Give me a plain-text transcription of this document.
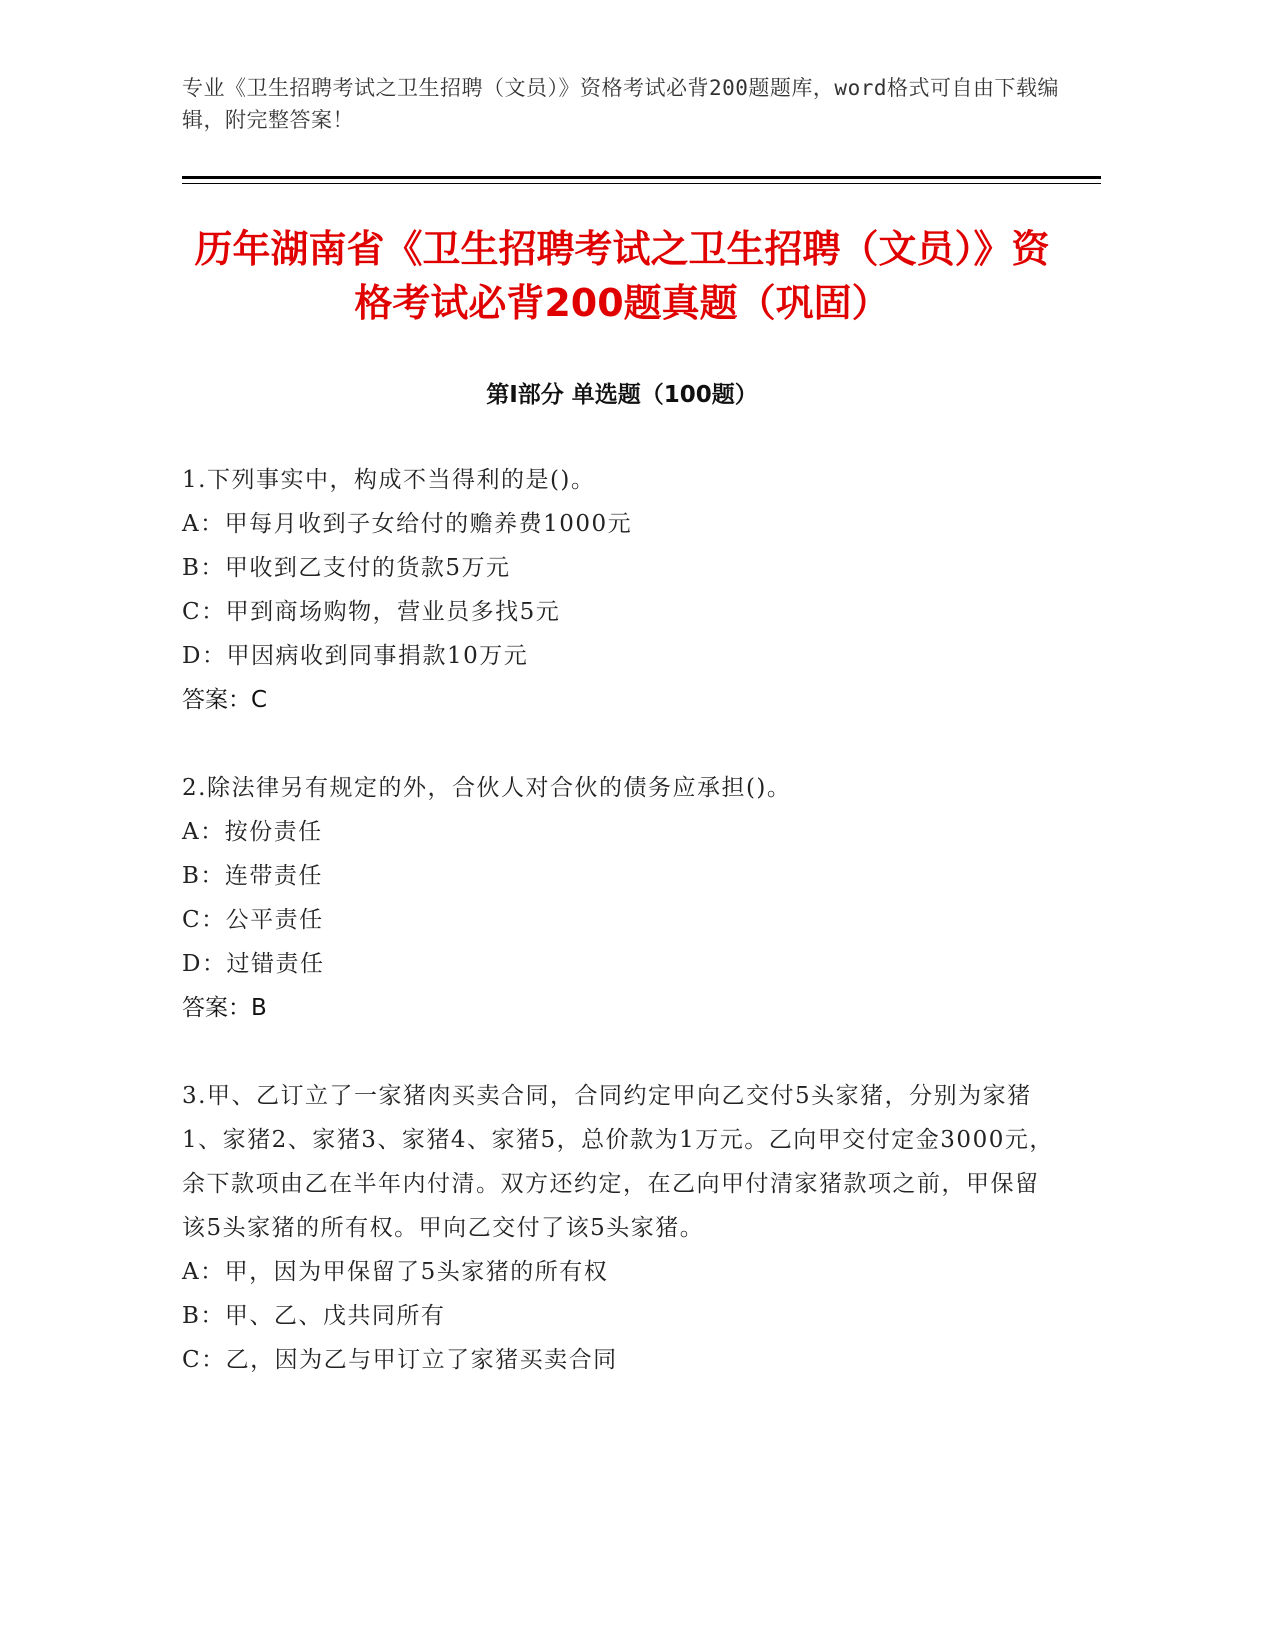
专业《卫生招聘考试之卫生招聘（文员）》资格考试必背200题题库，word格式可自由下载编辑，附完整答案！
历年湖南省《卫生招聘考试之卫生招聘（文员）》资格考试必背200题真题（巩固）
第I部分 单选题（100题）
1.下列事实中，构成不当得利的是()。
A：甲每月收到子女给付的赡养费1000元
B：甲收到乙支付的货款5万元
C：甲到商场购物，营业员多找5元
D：甲因病收到同事捐款10万元
答案：C
2.除法律另有规定的外，合伙人对合伙的债务应承担()。
A：按份责任
B：连带责任
C：公平责任
D：过错责任
答案：B
3.甲、乙订立了一家猪肉买卖合同，合同约定甲向乙交付5头家猪，分别为家猪1、家猪2、家猪3、家猪4、家猪5，总价款为1万元。乙向甲交付定金3000元，余下款项由乙在半年内付清。双方还约定，在乙向甲付清家猪款项之前，甲保留该5头家猪的所有权。甲向乙交付了该5头家猪。
A：甲，因为甲保留了5头家猪的所有权
B：甲、乙、戊共同所有
C：乙，因为乙与甲订立了家猪买卖合同
